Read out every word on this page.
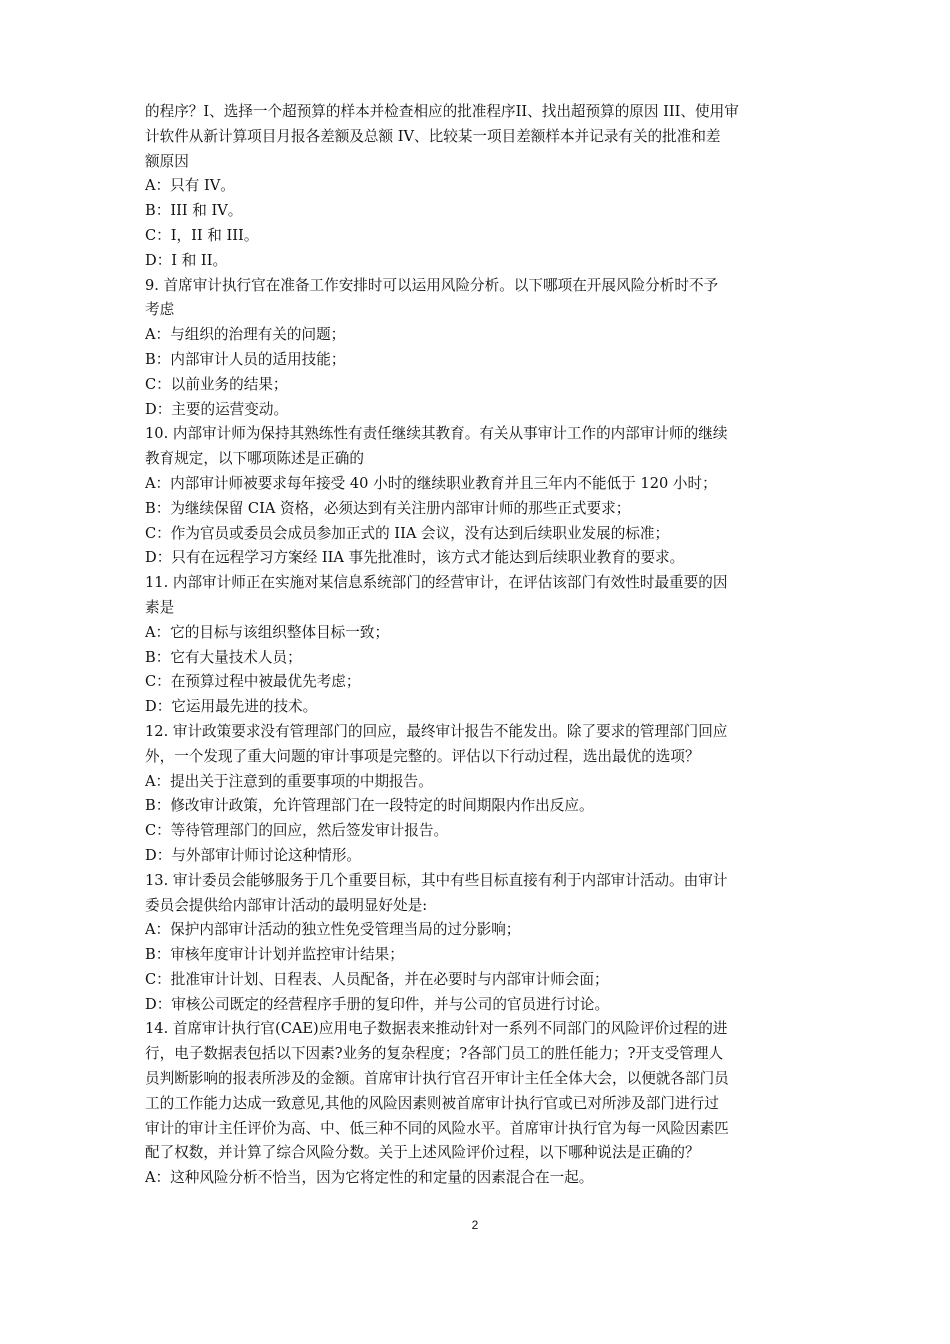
的程序？I、选择一个超预算的样本并检查相应的批准程序II、找出超预算的原因 III、使用审
计软件从新计算项目月报各差额及总额 IV、比较某一项目差额样本并记录有关的批准和差
额原因
A：只有 IV。
B：III 和 IV。
C：I，II 和 III。
D：I 和 II。
9. 首席审计执行官在准备工作安排时可以运用风险分析。以下哪项在开展风险分析时不予
考虑
A：与组织的治理有关的问题；
B：内部审计人员的适用技能；
C：以前业务的结果；
D：主要的运营变动。
10. 内部审计师为保持其熟练性有责任继续其教育。有关从事审计工作的内部审计师的继续
教育规定，以下哪项陈述是正确的
A：内部审计师被要求每年接受 40 小时的继续职业教育并且三年内不能低于 120 小时；
B：为继续保留 CIA 资格，必须达到有关注册内部审计师的那些正式要求；
C：作为官员或委员会成员参加正式的 IIA 会议，没有达到后续职业发展的标准；
D：只有在远程学习方案经 IIA 事先批准时，该方式才能达到后续职业教育的要求。
11. 内部审计师正在实施对某信息系统部门的经营审计，在评估该部门有效性时最重要的因
素是
A：它的目标与该组织整体目标一致；
B：它有大量技术人员；
C：在预算过程中被最优先考虑；
D：它运用最先进的技术。
12. 审计政策要求没有管理部门的回应，最终审计报告不能发出。除了要求的管理部门回应
外，一个发现了重大问题的审计事项是完整的。评估以下行动过程，选出最优的选项？
A：提出关于注意到的重要事项的中期报告。
B：修改审计政策，允许管理部门在一段特定的时间期限内作出反应。
C：等待管理部门的回应，然后签发审计报告。
D：与外部审计师讨论这种情形。
13. 审计委员会能够服务于几个重要目标，其中有些目标直接有利于内部审计活动。由审计
委员会提供给内部审计活动的最明显好处是:
A：保护内部审计活动的独立性免受管理当局的过分影响；
B：审核年度审计计划并监控审计结果；
C：批准审计计划、日程表、人员配备，并在必要时与内部审计师会面；
D：审核公司既定的经营程序手册的复印件，并与公司的官员进行讨论。
14. 首席审计执行官(CAE)应用电子数据表来推动针对一系列不同部门的风险评价过程的进
行，电子数据表包括以下因素?业务的复杂程度；?各部门员工的胜任能力；?开支受管理人
员判断影响的报表所涉及的金额。首席审计执行官召开审计主任全体大会，以便就各部门员
工的工作能力达成一致意见,其他的风险因素则被首席审计执行官或已对所涉及部门进行过
审计的审计主任评价为高、中、低三种不同的风险水平。首席审计执行官为每一风险因素匹
配了权数，并计算了综合风险分数。关于上述风险评价过程，以下哪种说法是正确的？
A：这种风险分析不恰当，因为它将定性的和定量的因素混合在一起。
2
